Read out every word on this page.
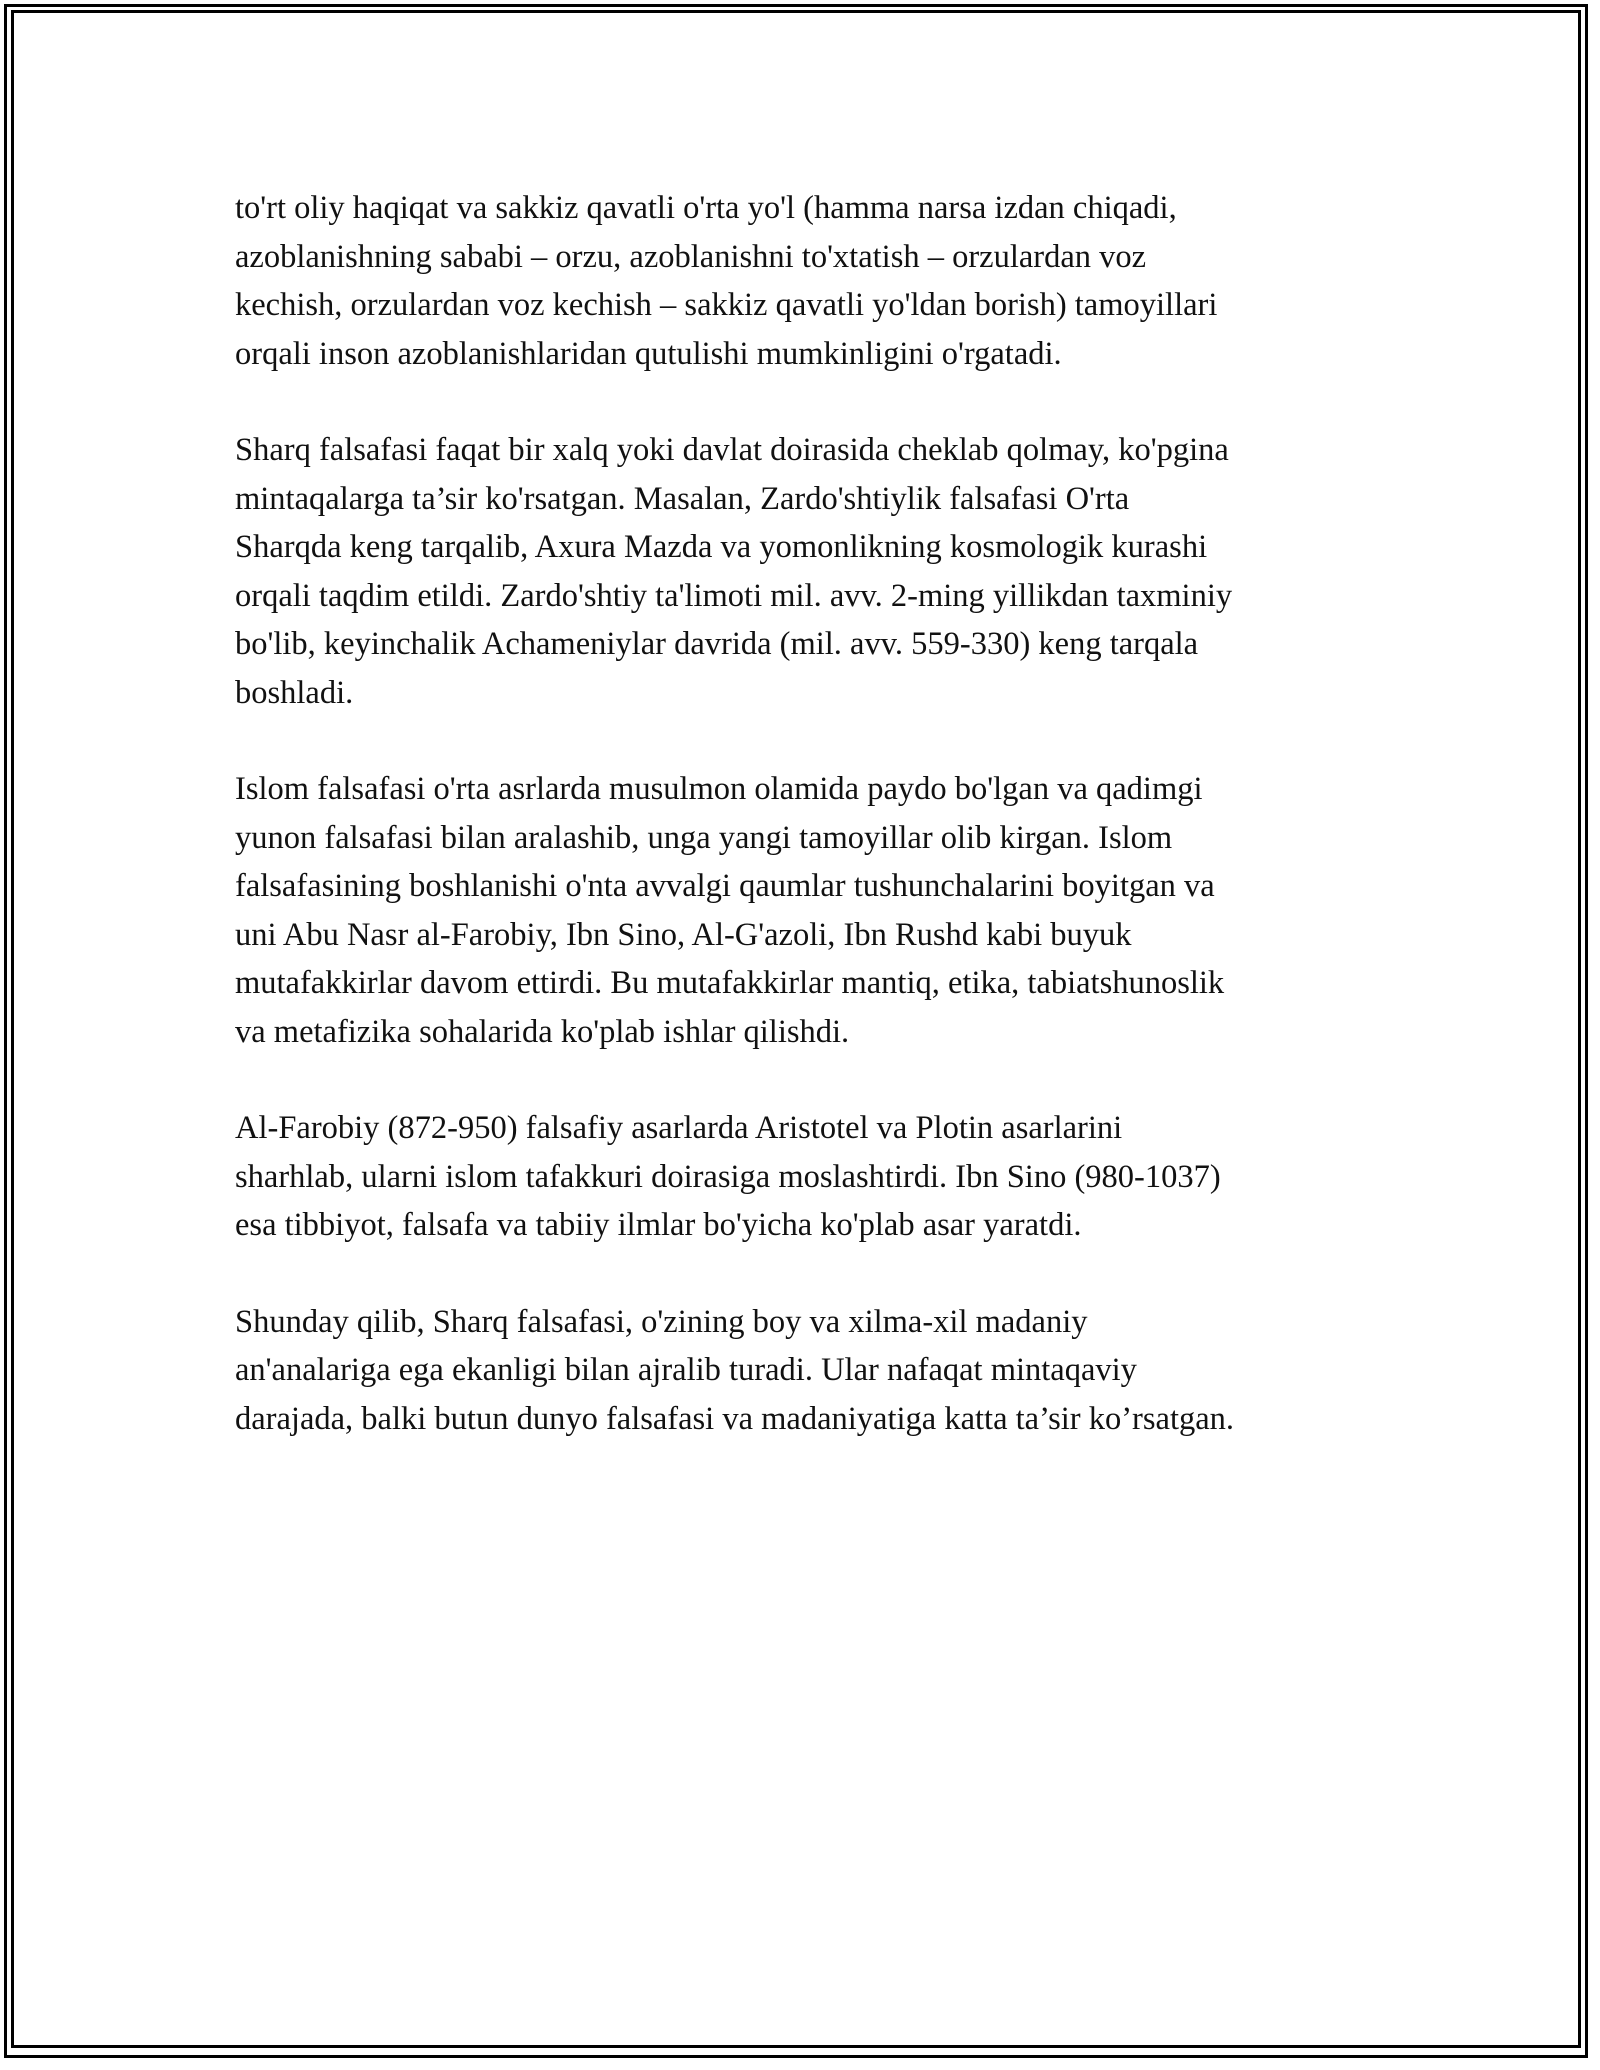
to'rt oliy haqiqat va sakkiz qavatli o'rta yo'l (hamma narsa izdan chiqadi,
azoblanishning sababi – orzu, azoblanishni to'xtatish – orzulardan voz
kechish, orzulardan voz kechish – sakkiz qavatli yo'ldan borish) tamoyillari
orqali inson azoblanishlaridan qutulishi mumkinligini o'rgatadi.

Sharq falsafasi faqat bir xalq yoki davlat doirasida cheklab qolmay, ko'pgina
mintaqalarga ta’sir ko'rsatgan. Masalan, Zardo'shtiylik falsafasi O'rta
Sharqda keng tarqalib, Axura Mazda va yomonlikning kosmologik kurashi
orqali taqdim etildi. Zardo'shtiy ta'limoti mil. avv. 2-ming yillikdan taxminiy
bo'lib, keyinchalik Achameniylar davrida (mil. avv. 559-330) keng tarqala
boshladi.

Islom falsafasi o'rta asrlarda musulmon olamida paydo bo'lgan va qadimgi
yunon falsafasi bilan aralashib, unga yangi tamoyillar olib kirgan. Islom
falsafasining boshlanishi o'nta avvalgi qaumlar tushunchalarini boyitgan va
uni Abu Nasr al-Farobiy, Ibn Sino, Al-G'azoli, Ibn Rushd kabi buyuk
mutafakkirlar davom ettirdi. Bu mutafakkirlar mantiq, etika, tabiatshunoslik
va metafizika sohalarida ko'plab ishlar qilishdi.

Al-Farobiy (872-950) falsafiy asarlarda Aristotel va Plotin asarlarini
sharhlab, ularni islom tafakkuri doirasiga moslashtirdi. Ibn Sino (980-1037)
esa tibbiyot, falsafa va tabiiy ilmlar bo'yicha ko'plab asar yaratdi.

Shunday qilib, Sharq falsafasi, o'zining boy va xilma-xil madaniy
an'analariga ega ekanligi bilan ajralib turadi. Ular nafaqat mintaqaviy
darajada, balki butun dunyo falsafasi va madaniyatiga katta ta’sir ko’rsatgan.
